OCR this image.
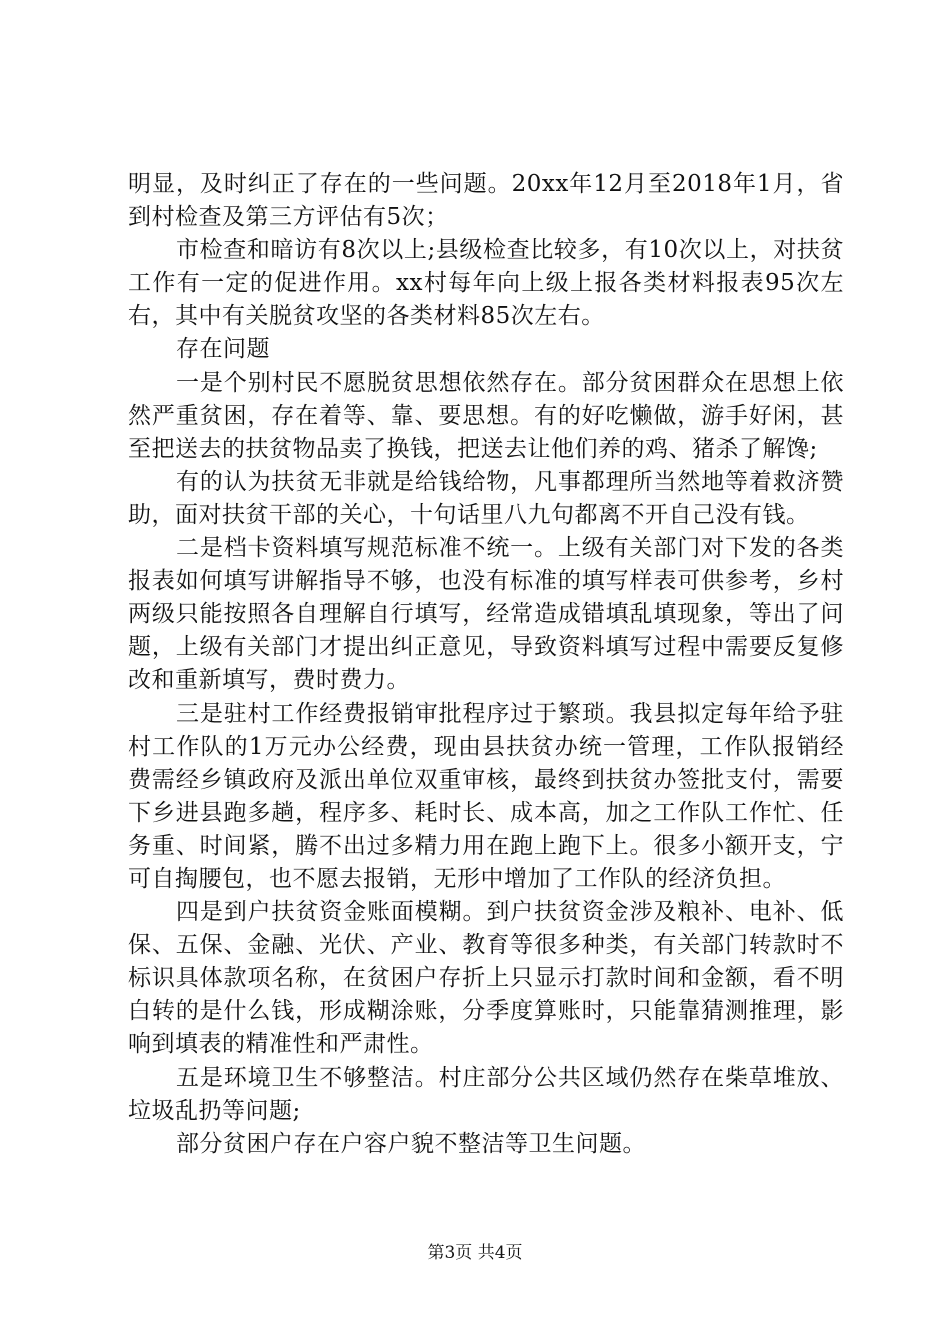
明显，及时纠正了存在的一些问题。20xx年12月至2018年1月，省到村检查及第三方评估有5次；

市检查和暗访有8次以上;县级检查比较多，有10次以上，对扶贫工作有一定的促进作用。xx村每年向上级上报各类材料报表95次左右，其中有关脱贫攻坚的各类材料85次左右。

存在问题

一是个别村民不愿脱贫思想依然存在。部分贫困群众在思想上依然严重贫困，存在着等、靠、要思想。有的好吃懒做，游手好闲，甚至把送去的扶贫物品卖了换钱，把送去让他们养的鸡、猪杀了解馋;

有的认为扶贫无非就是给钱给物，凡事都理所当然地等着救济赞助，面对扶贫干部的关心，十句话里八九句都离不开自己没有钱。

二是档卡资料填写规范标准不统一。上级有关部门对下发的各类报表如何填写讲解指导不够，也没有标准的填写样表可供参考，乡村两级只能按照各自理解自行填写，经常造成错填乱填现象，等出了问题，上级有关部门才提出纠正意见，导致资料填写过程中需要反复修改和重新填写，费时费力。

三是驻村工作经费报销审批程序过于繁琐。我县拟定每年给予驻村工作队的1万元办公经费，现由县扶贫办统一管理，工作队报销经费需经乡镇政府及派出单位双重审核，最终到扶贫办签批支付，需要下乡进县跑多趟，程序多、耗时长、成本高，加之工作队工作忙、任务重、时间紧，腾不出过多精力用在跑上跑下上。很多小额开支，宁可自掏腰包，也不愿去报销，无形中增加了工作队的经济负担。

四是到户扶贫资金账面模糊。到户扶贫资金涉及粮补、电补、低保、五保、金融、光伏、产业、教育等很多种类，有关部门转款时不标识具体款项名称，在贫困户存折上只显示打款时间和金额，看不明白转的是什么钱，形成糊涂账，分季度算账时，只能靠猜测推理，影响到填表的精准性和严肃性。

五是环境卫生不够整洁。村庄部分公共区域仍然存在柴草堆放、垃圾乱扔等问题;

部分贫困户存在户容户貌不整洁等卫生问题。

第3页 共4页
